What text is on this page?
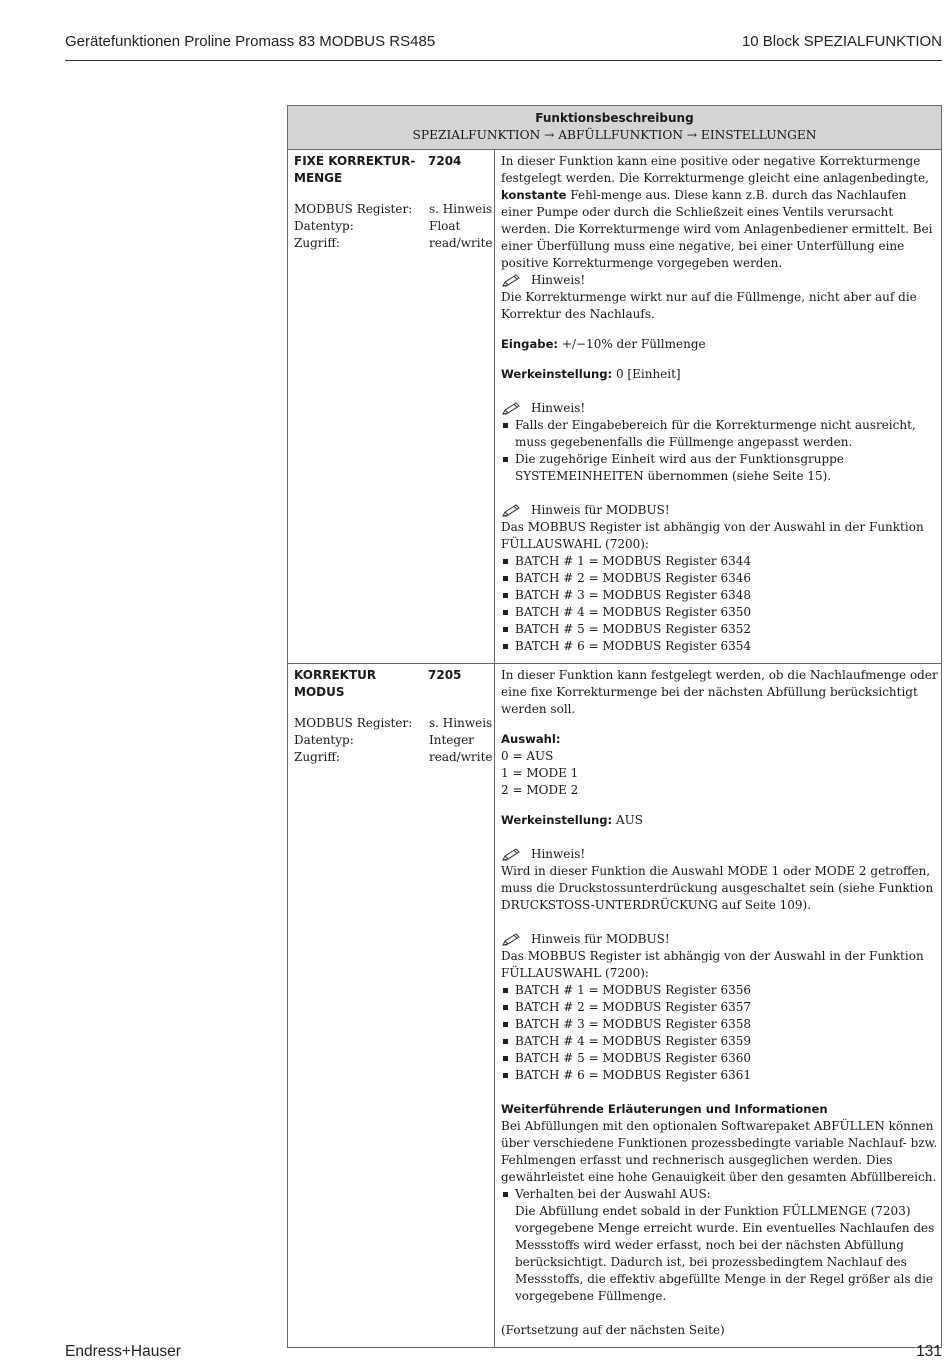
Gerätefunktionen Proline Promass 83 MODBUS RS485	10 Block SPEZIALFUNKTION
Funktionsbeschreibung
SPEZIALFUNKTION → ABFÜLLFUNKTION → EINSTELLUNGEN
FIXE KORREKTUR-MENGE
7204
MODBUS Register:	s. Hinweis
Datentyp:	Float
Zugriff:	read/write

In dieser Funktion kann eine positive oder negative Korrekturmenge festgelegt werden. Die Korrekturmenge gleicht eine anlagenbedingte, konstante Fehl-menge aus. Diese kann z.B. durch das Nachlaufen einer Pumpe oder durch die Schließzeit eines Ventils verursacht werden. Die Korrekturmenge wird vom Anlagenbediener ermittelt. Bei einer Überfüllung muss eine negative, bei einer Unterfüllung eine positive Korrekturmenge vorgegeben werden.

Hinweis!

Die Korrekturmenge wirkt nur auf die Füllmenge, nicht aber auf die Korrektur des Nachlaufs.

Eingabe: +/−10% der Füllmenge

Werkeinstellung: 0 [Einheit]

Hinweis!
Falls der Eingabebereich für die Korrekturmenge nicht ausreicht, muss gegebenenfalls die Füllmenge angepasst werden.
Die zugehörige Einheit wird aus der Funktionsgruppe SYSTEMEINHEITEN übernommen (siehe Seite 15).
Hinweis für MODBUS!

Das MOBBUS Register ist abhängig von der Auswahl in der Funktion FÜLLAUSWAHL (7200):

BATCH # 1 = MODBUS Register 6344
BATCH # 2 = MODBUS Register 6346
BATCH # 3 = MODBUS Register 6348
BATCH # 4 = MODBUS Register 6350
BATCH # 5 = MODBUS Register 6352
BATCH # 6 = MODBUS Register 6354
KORREKTUR MODUS
7205
MODBUS Register:	s. Hinweis
Datentyp:	Integer
Zugriff:	read/write

In dieser Funktion kann festgelegt werden, ob die Nachlaufmenge oder eine fixe Korrekturmenge bei der nächsten Abfüllung berücksichtigt werden soll.

Auswahl:

0 = AUS

1 = MODE 1

2 = MODE 2

Werkeinstellung: AUS

Hinweis!

Wird in dieser Funktion die Auswahl MODE 1 oder MODE 2 getroffen, muss die Druckstossunterdrückung ausgeschaltet sein (siehe Funktion DRUCKSTOSS-UNTERDRÜCKUNG auf Seite 109).

Hinweis für MODBUS!

Das MOBBUS Register ist abhängig von der Auswahl in der Funktion FÜLLAUSWAHL (7200):

BATCH # 1 = MODBUS Register 6356
BATCH # 2 = MODBUS Register 6357
BATCH # 3 = MODBUS Register 6358
BATCH # 4 = MODBUS Register 6359
BATCH # 5 = MODBUS Register 6360
BATCH # 6 = MODBUS Register 6361

Weiterführende Erläuterungen und Informationen

Bei Abfüllungen mit den optionalen Softwarepaket ABFÜLLEN können über verschiedene Funktionen prozessbedingte variable Nachlauf- bzw. Fehlmengen erfasst und rechnerisch ausgeglichen werden. Dies gewährleistet eine hohe Genauigkeit über den gesamten Abfüllbereich.

Verhalten bei der Auswahl AUS:
Die Abfüllung endet sobald in der Funktion FÜLLMENGE (7203) vorgegebene Menge erreicht wurde. Ein eventuelles Nachlaufen des Messstoffs wird weder erfasst, noch bei der nächsten Abfüllung berücksichtigt. Dadurch ist, bei prozessbedingtem Nachlauf des Messstoffs, die effektiv abgefüllte Menge in der Regel größer als die vorgegebene Füllmenge.

(Fortsetzung auf der nächsten Seite)

Endress+Hauser	131
